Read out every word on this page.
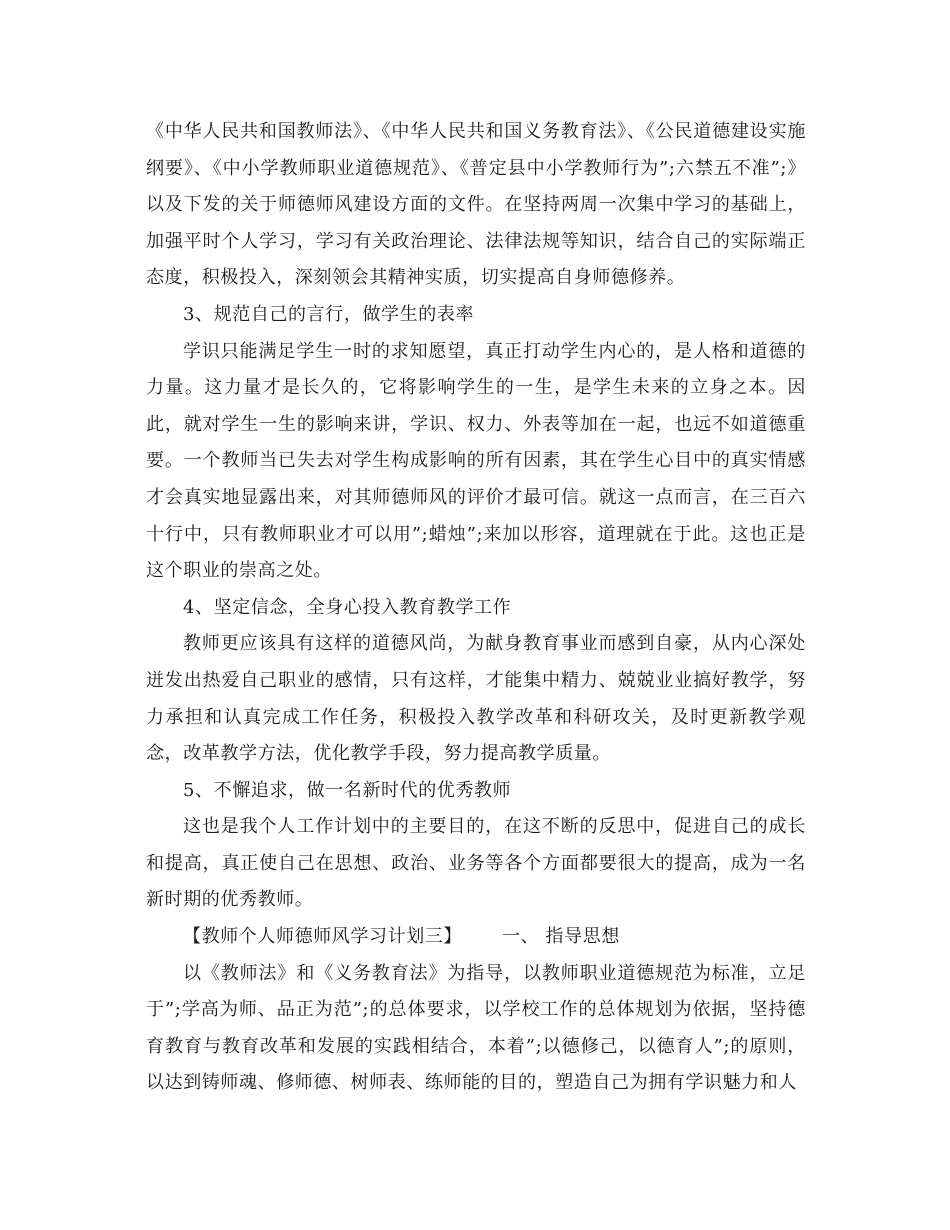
《中华人民共和国教师法》、《中华人民共和国义务教育法》、《公民道德建设实施纲要》、《中小学教师职业道德规范》、《普定县中小学教师行为”;六禁五不准”;》以及下发的关于师德师风建设方面的文件。在坚持两周一次集中学习的基础上，加强平时个人学习，学习有关政治理论、法律法规等知识，结合自己的实际端正态度，积极投入，深刻领会其精神实质，切实提高自身师德修养。

3、规范自己的言行，做学生的表率

学识只能满足学生一时的求知愿望，真正打动学生内心的，是人格和道德的力量。这力量才是长久的，它将影响学生的一生，是学生未来的立身之本。因此，就对学生一生的影响来讲，学识、权力、外表等加在一起，也远不如道德重要。一个教师当已失去对学生构成影响的所有因素，其在学生心目中的真实情感才会真实地显露出来，对其师德师风的评价才最可信。就这一点而言，在三百六十行中，只有教师职业才可以用”;蜡烛”;来加以形容，道理就在于此。这也正是这个职业的崇高之处。

4、坚定信念，全身心投入教育教学工作

教师更应该具有这样的道德风尚，为献身教育事业而感到自豪，从内心深处迸发出热爱自己职业的感情，只有这样，才能集中精力、兢兢业业搞好教学，努力承担和认真完成工作任务，积极投入教学改革和科研攻关，及时更新教学观念，改革教学方法，优化教学手段，努力提高教学质量。

5、不懈追求，做一名新时代的优秀教师

这也是我个人工作计划中的主要目的，在这不断的反思中，促进自己的成长和提高，真正使自己在思想、政治、业务等各个方面都要很大的提高，成为一名新时期的优秀教师。

【教师个人师德师风学习计划三】 一、 指导思想

以《教师法》和《义务教育法》为指导，以教师职业道德规范为标准，立足于”;学高为师、品正为范”;的总体要求，以学校工作的总体规划为依据，坚持德育教育与教育改革和发展的实践相结合，本着”;以德修己，以德育人”;的原则，以达到铸师魂、修师德、树师表、练师能的目的，塑造自己为拥有学识魅力和人
